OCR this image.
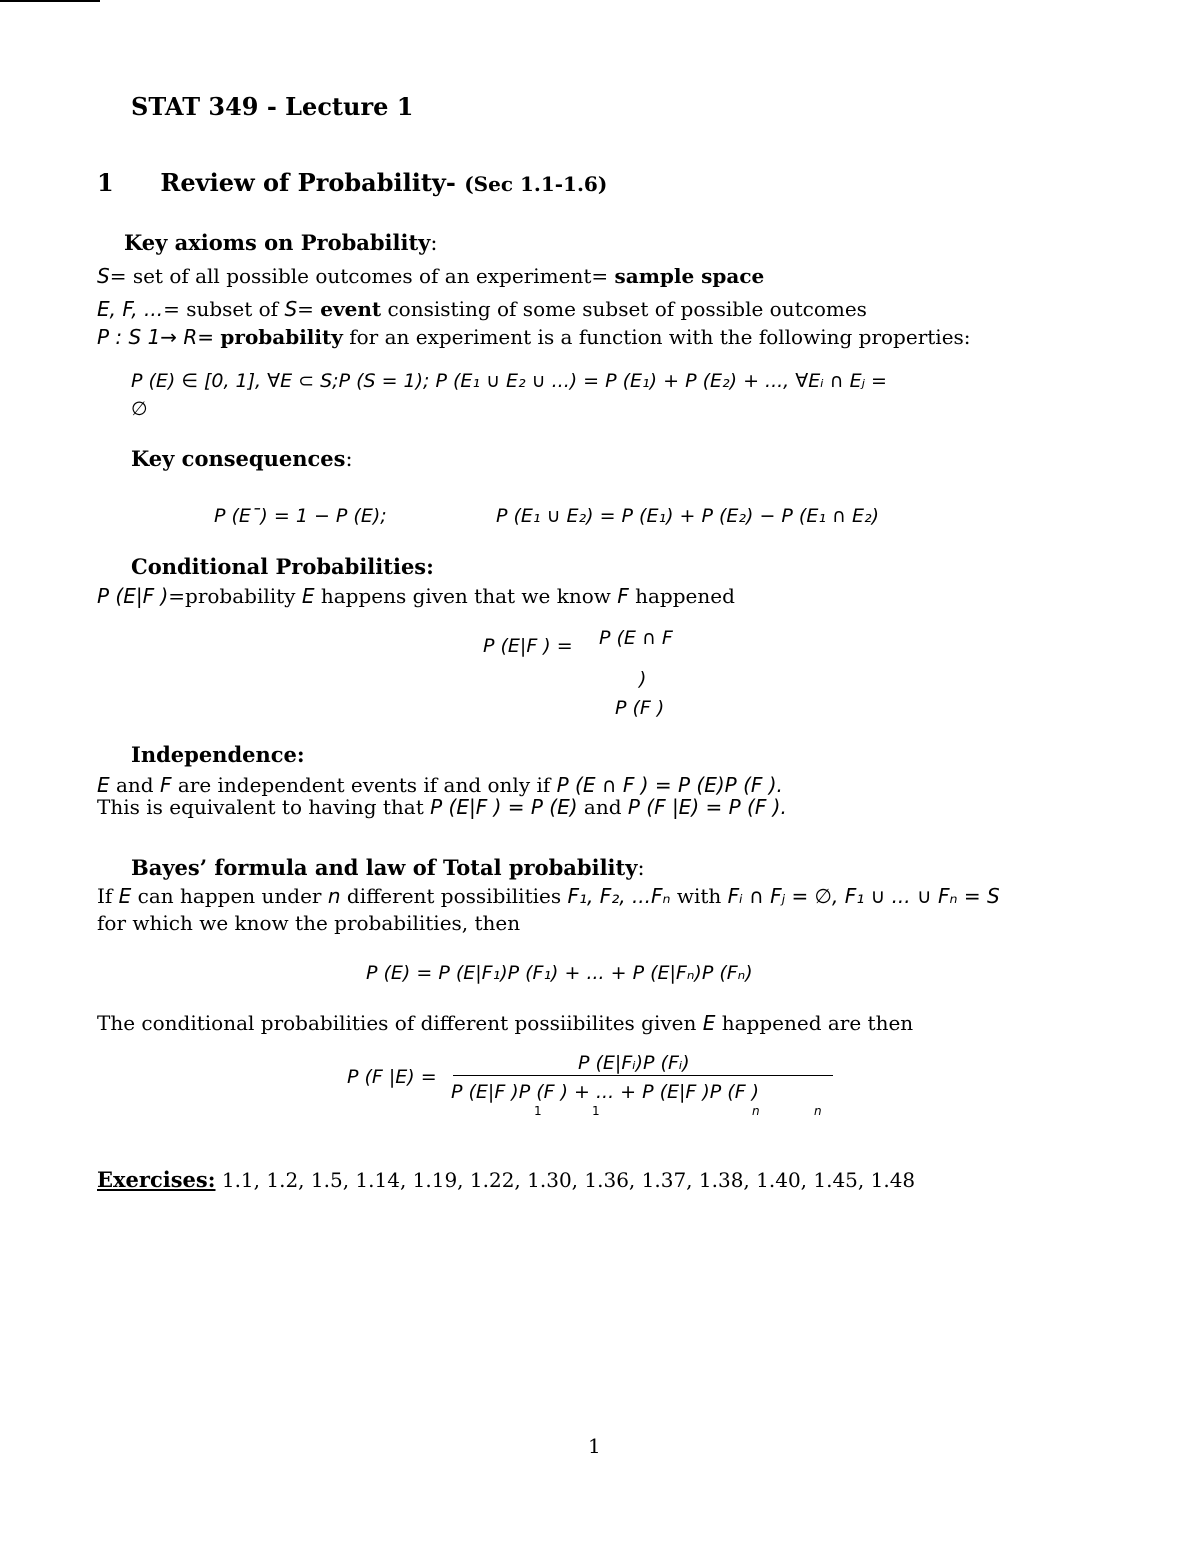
STAT 349 - Lecture 1
1 Review of Probability- (Sec 1.1-1.6)
Key axioms on Probability:
S= set of all possible outcomes of an experiment= sample space
E, F, ...= subset of S= event consisting of some subset of possible outcomes
P : S 1→ R= probability for an experiment is a function with the following properties:
P (E) ∈ [0, 1], ∀E ⊂ S;P (S = 1); P (E₁ ∪ E₂ ∪ ...) = P (E₁) + P (E₂) + ..., ∀Eᵢ ∩ Eⱼ =
∅
Key consequences:
P (E¯) = 1 − P (E);	P (E₁ ∪ E₂) = P (E₁) + P (E₂) − P (E₁ ∩ E₂)
Conditional Probabilities:
P (E|F )=probability E happens given that we know F happened
P (E|F ) = P (E ∩ F
)
P (F )
Independence:
E and F are independent events if and only if P (E ∩ F ) = P (E)P (F ).
This is equivalent to having that P (E|F ) = P (E) and P (F |E) = P (F ).
Bayes’ formula and law of Total probability:
If E can happen under n different possibilities F₁, F₂, ...Fₙ with Fᵢ ∩ Fⱼ = ∅, F₁ ∪ ... ∪ Fₙ = S
for which we know the probabilities, then
P (E) = P (E|F₁)P (F₁) + ... + P (E|Fₙ)P (Fₙ)
The conditional probabilities of different possiibilites given E happened are then
P (F |E) =
P (E|Fᵢ)P (Fᵢ)
P (E|F )P (F ) + ... + P (E|F )P (F )
1	1	n	n
Exercises: 1.1, 1.2, 1.5, 1.14, 1.19, 1.22, 1.30, 1.36, 1.37, 1.38, 1.40, 1.45, 1.48
1
